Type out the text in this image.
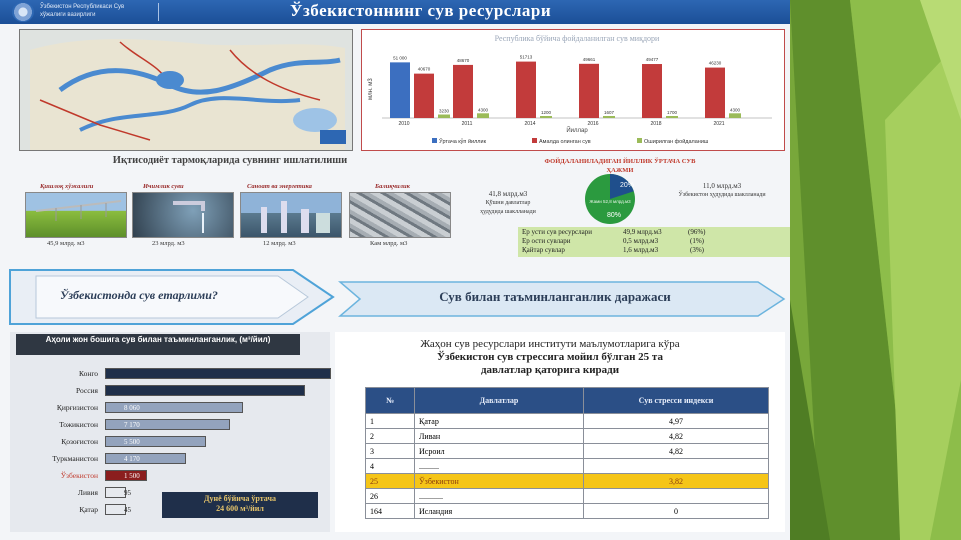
Ўзбекистон Республикаси Сув хўжалиги вазирлиги	Ўзбекистоннинг сув ресурслари
Республика бўйича фойдаланилган сув миқдори
млн. м3
Йиллар
51 000
40670
3230
2010
48670
4300
2011
51713
1200
2014
49661
1607
2016
49477
1700
2018
46230
4300
2021
Ўртача кўп йиллик	Амалда олинган сув	Оширилган фойдаланиш
Иқтисодиёт тармоқларида сувнинг ишлатилиши
Қишлоқ хўжалиги
45,9 млрд. м3
Ичимлик суви
23 млрд. м3
Саноат ва энергетика
12 млрд. м3
Балиқчилик
Кам млрд. м3
ФОЙДАЛАНИЛАДИГАН ЙИЛЛИК ЎРТАЧА СУВ ҲАЖМИ
41,8 млрд.м3
Қўшни давлатлар ҳудудида шаклланади
20%
80%
Жами 52,8 млрд.м3
11,0 млрд.м3
Ўзбекистон ҳудудида шаклланади
Ер усти сув ресурслари	49,9 млрд.м3	(96%)
Ер ости сувлари	0,5 млрд.м3	(1%)
Қайтар сувлар	1,6 млрд.м3	(3%)
Ўзбекистонда сув етарлими?	Сув билан таъминланганлик даражаси
Аҳоли жон бошига сув билан таъминланганлик, (м³/йил)
Конго
Россия
Қирғизистон	8 060
Тожикистон	7 170
Қозоғистон	5 500
Туркманистон	4 170
Ўзбекистон	1 500
Ливия	95
Қатар	45
Дунё бўйича ўртача
24 600 м³/йил
Жаҳон сув ресурслари институти маълумотларига кўра
Ўзбекистон сув стрессига мойил бўлган 25 та
давлатлар қаторига киради
№	Давлатлар	Сув стресси индекси
1	Қатар	4,97
2	Ливан	4,82
3	Исроил	4,82
4	..........	
25	Ўзбекистон	3,82
26	............	
164	Исландия	0
